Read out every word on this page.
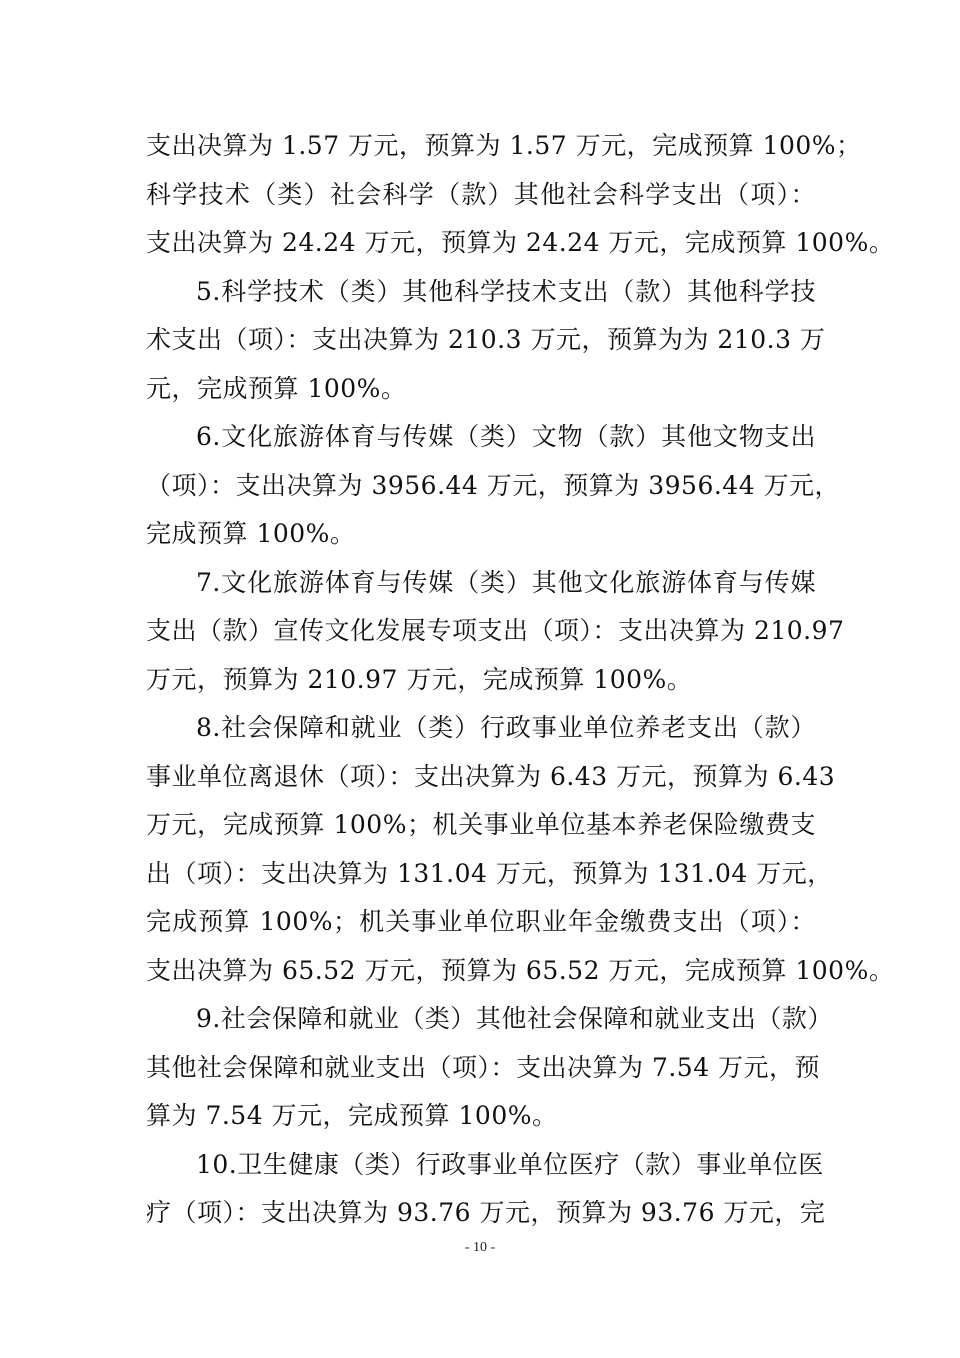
支出决算为 1.57 万元，预算为 1.57 万元，完成预算 100%；
科学技术（类）社会科学（款）其他社会科学支出（项）：
支出决算为 24.24 万元，预算为 24.24 万元，完成预算 100%。
5.科学技术（类）其他科学技术支出（款）其他科学技
术支出（项）：支出决算为 210.3 万元，预算为为 210.3 万
元，完成预算 100%。
6.文化旅游体育与传媒（类）文物（款）其他文物支出
（项）：支出决算为 3956.44 万元，预算为 3956.44 万元，
完成预算 100%。
7.文化旅游体育与传媒（类）其他文化旅游体育与传媒
支出（款）宣传文化发展专项支出（项）：支出决算为 210.97
万元，预算为 210.97 万元，完成预算 100%。
8.社会保障和就业（类）行政事业单位养老支出（款）
事业单位离退休（项）：支出决算为 6.43 万元，预算为 6.43
万元，完成预算 100%；机关事业单位基本养老保险缴费支
出（项）：支出决算为 131.04 万元，预算为 131.04 万元，
完成预算 100%；机关事业单位职业年金缴费支出（项）：
支出决算为 65.52 万元，预算为 65.52 万元，完成预算 100%。
9.社会保障和就业（类）其他社会保障和就业支出（款）
其他社会保障和就业支出（项）：支出决算为 7.54 万元，预
算为 7.54 万元，完成预算 100%。
10.卫生健康（类）行政事业单位医疗（款）事业单位医
疗（项）：支出决算为 93.76 万元，预算为 93.76 万元，完
- 10 -
